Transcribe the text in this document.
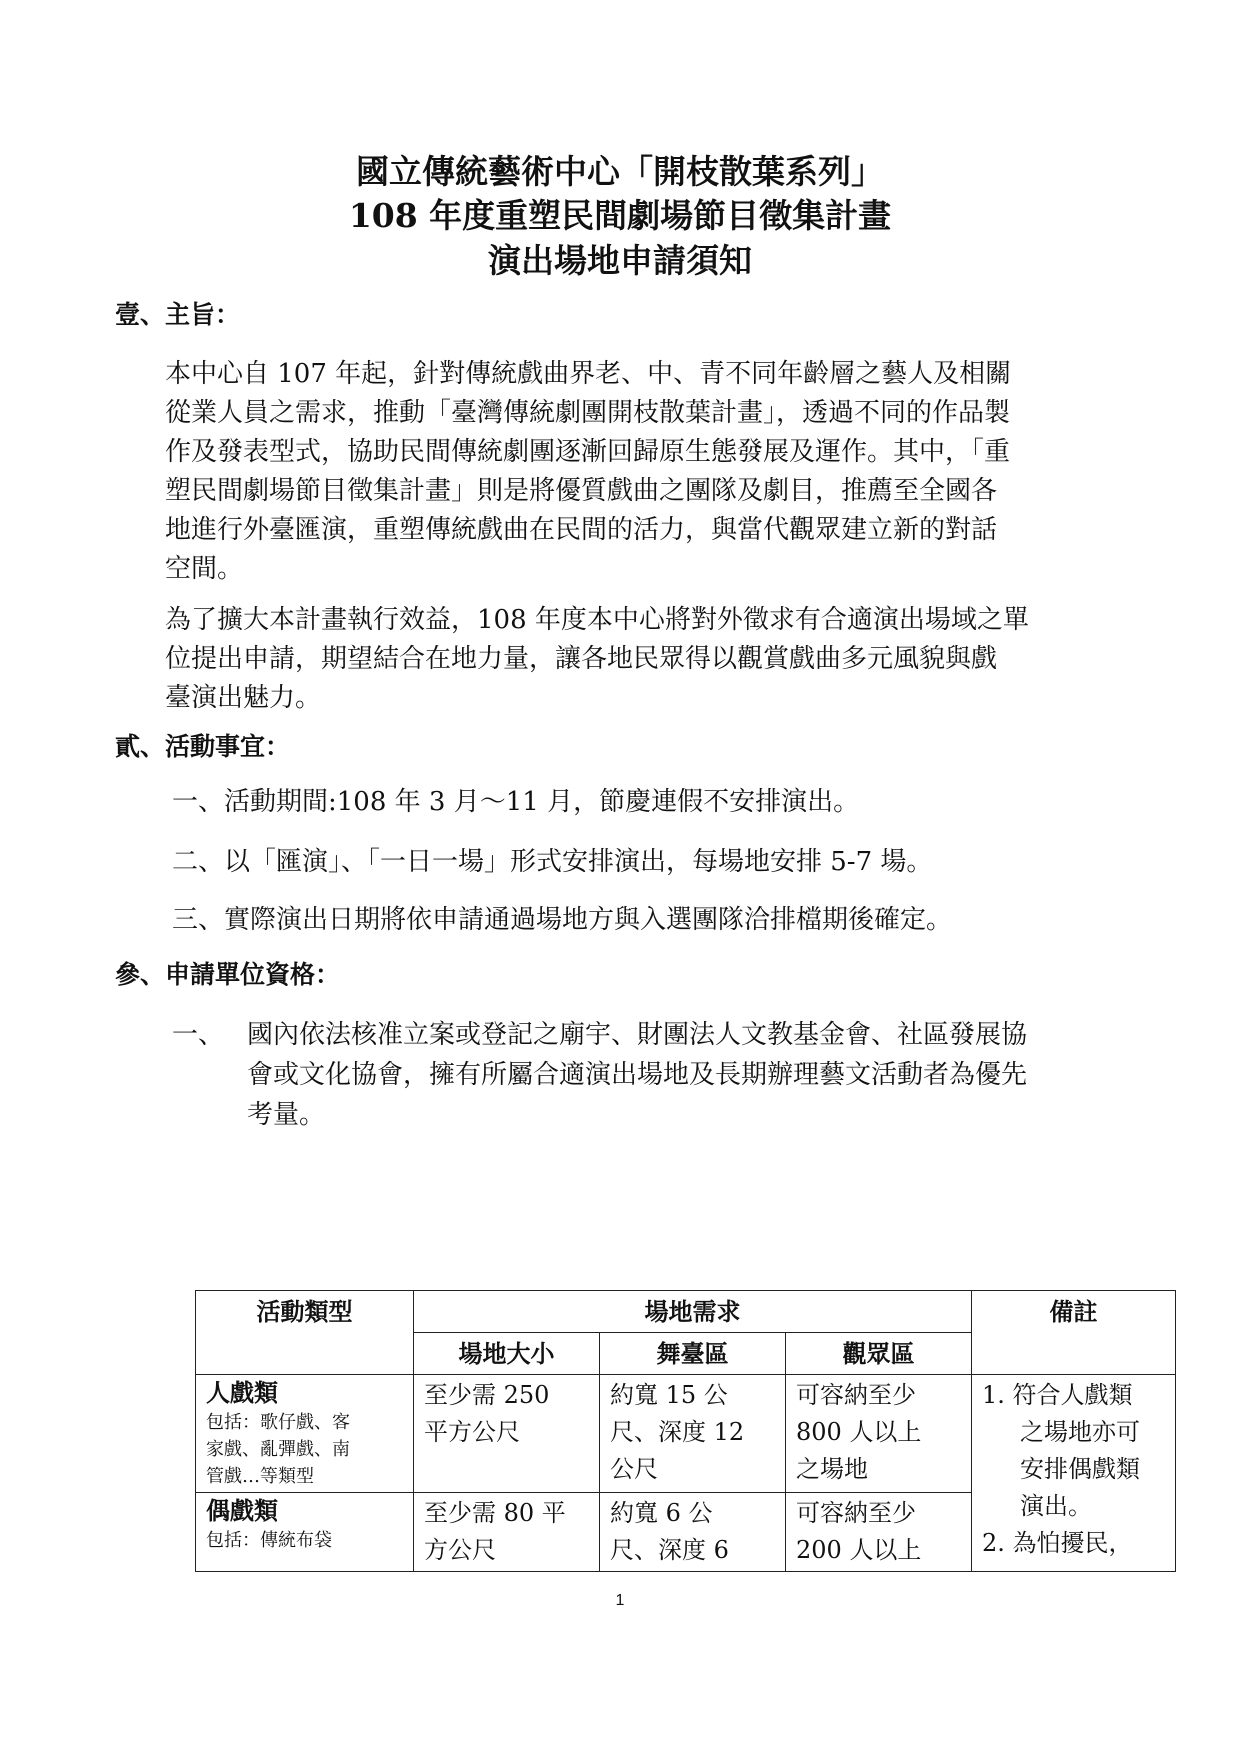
國立傳統藝術中心「開枝散葉系列」
108 年度重塑民間劇場節目徵集計畫
演出場地申請須知
壹、主旨：
本中心自 107 年起，針對傳統戲曲界老、中、青不同年齡層之藝人及相關
從業人員之需求，推動「臺灣傳統劇團開枝散葉計畫」，透過不同的作品製
作及發表型式，協助民間傳統劇團逐漸回歸原生態發展及運作。其中，「重
塑民間劇場節目徵集計畫」則是將優質戲曲之團隊及劇目，推薦至全國各
地進行外臺匯演，重塑傳統戲曲在民間的活力，與當代觀眾建立新的對話
空間。
為了擴大本計畫執行效益，108 年度本中心將對外徵求有合適演出場域之單
位提出申請，期望結合在地力量，讓各地民眾得以觀賞戲曲多元風貌與戲
臺演出魅力。
貳、活動事宜：
一、活動期間:108 年 3 月～11 月，節慶連假不安排演出。
二、以「匯演」、「一日一場」形式安排演出，每場地安排 5-7 場。
三、實際演出日期將依申請通過場地方與入選團隊洽排檔期後確定。
參、申請單位資格：
一、 國內依法核准立案或登記之廟宇、財團法人文教基金會、社區發展協
會或文化協會，擁有所屬合適演出場地及長期辦理藝文活動者為優先
考量。
活動類型	場地需求			備註
	場地大小	舞臺區	觀眾區	

人戲類
包括：歌仔戲、客
家戲、亂彈戲、南
管戲…等類型	至少需 250
平方公尺	約寬 15 公
尺、深度 12
公尺	可容納至少
800 人以上
之場地	1. 符合人戲類
之場地亦可
安排偶戲類
演出。
2. 為怕擾民，

偶戲類
包括：傳統布袋	至少需 80 平
方公尺	約寬 6 公
尺、深度 6	可容納至少
200 人以上	
1
